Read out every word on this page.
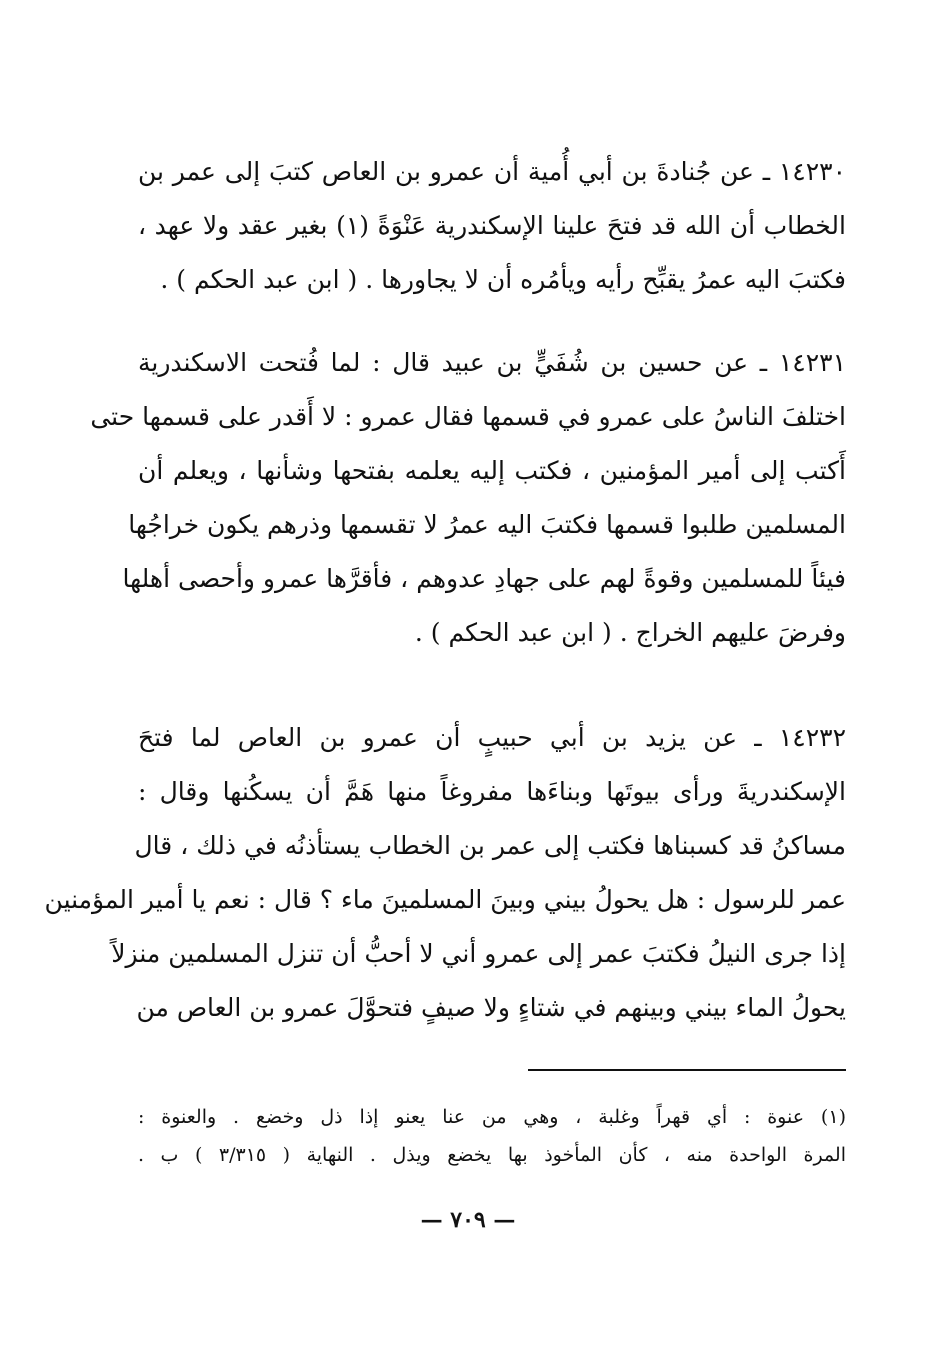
١٤٢٣٠ ـ عن جُنادةَ بن أبي أُمية أن عمرو بن العاص كتبَ إلى عمر بن
الخطاب أن الله قد فتحَ علينا الإسكندرية عَنْوَةً (١) بغير عقد ولا عهد ،
فكتبَ اليه عمرُ يقبِّح رأيه ويأمُره أن لا يجاورها . ( ابن عبد الحكم ) .
١٤٢٣١ ـ عن حسين بن شُفَيٍّ بن عبيد قال : لما فُتحت الاسكندرية
اختلفَ الناسُ على عمرو في قسمها فقال عمرو : لا أَقدر على قسمها حتى
أَكتب إلى أمير المؤمنين ، فكتب إليه يعلمه بفتحها وشأنها ، ويعلم أن
المسلمين طلبوا قسمها فكتبَ اليه عمرُ لا تقسمها وذرهم يكون خراجُها
فيئاً للمسلمين وقوةً لهم على جهادِ عدوهم ، فأقرَّها عمرو وأحصى أهلها
وفرضَ عليهم الخراج . ( ابن عبد الحكم ) .
١٤٢٣٢ ـ عن يزيد بن أبي حبيبٍ أن عمرو بن العاص لما فتحَ
الإسكندريةَ ورأى بيوتَها وبناءَها مفروغاً منها هَمَّ أن يسكُنها وقال :
مساكنُ قد كسبناها فكتب إلى عمر بن الخطاب يستأذنُه في ذلك ، قال
عمر للرسول : هل يحولُ بيني وبينَ المسلمينَ ماء ؟ قال : نعم يا أمير المؤمنين
إذا جرى النيلُ فكتبَ عمر إلى عمرو أني لا أحبُّ أن تنزل المسلمين منزلاً
يحولُ الماء بيني وبينهم في شتاءٍ ولا صيفٍ فتحوَّلَ عمرو بن العاص من
(١) عنوة : أي قهراً وغلبة ، وهي من عنا يعنو إذا ذل وخضع . والعنوة :
المرة الواحدة منه ، كأن المأخوذ بها يخضع ويذل . النهاية ( ٣/٣١٥ ) ب .
— ٧٠٩ —
